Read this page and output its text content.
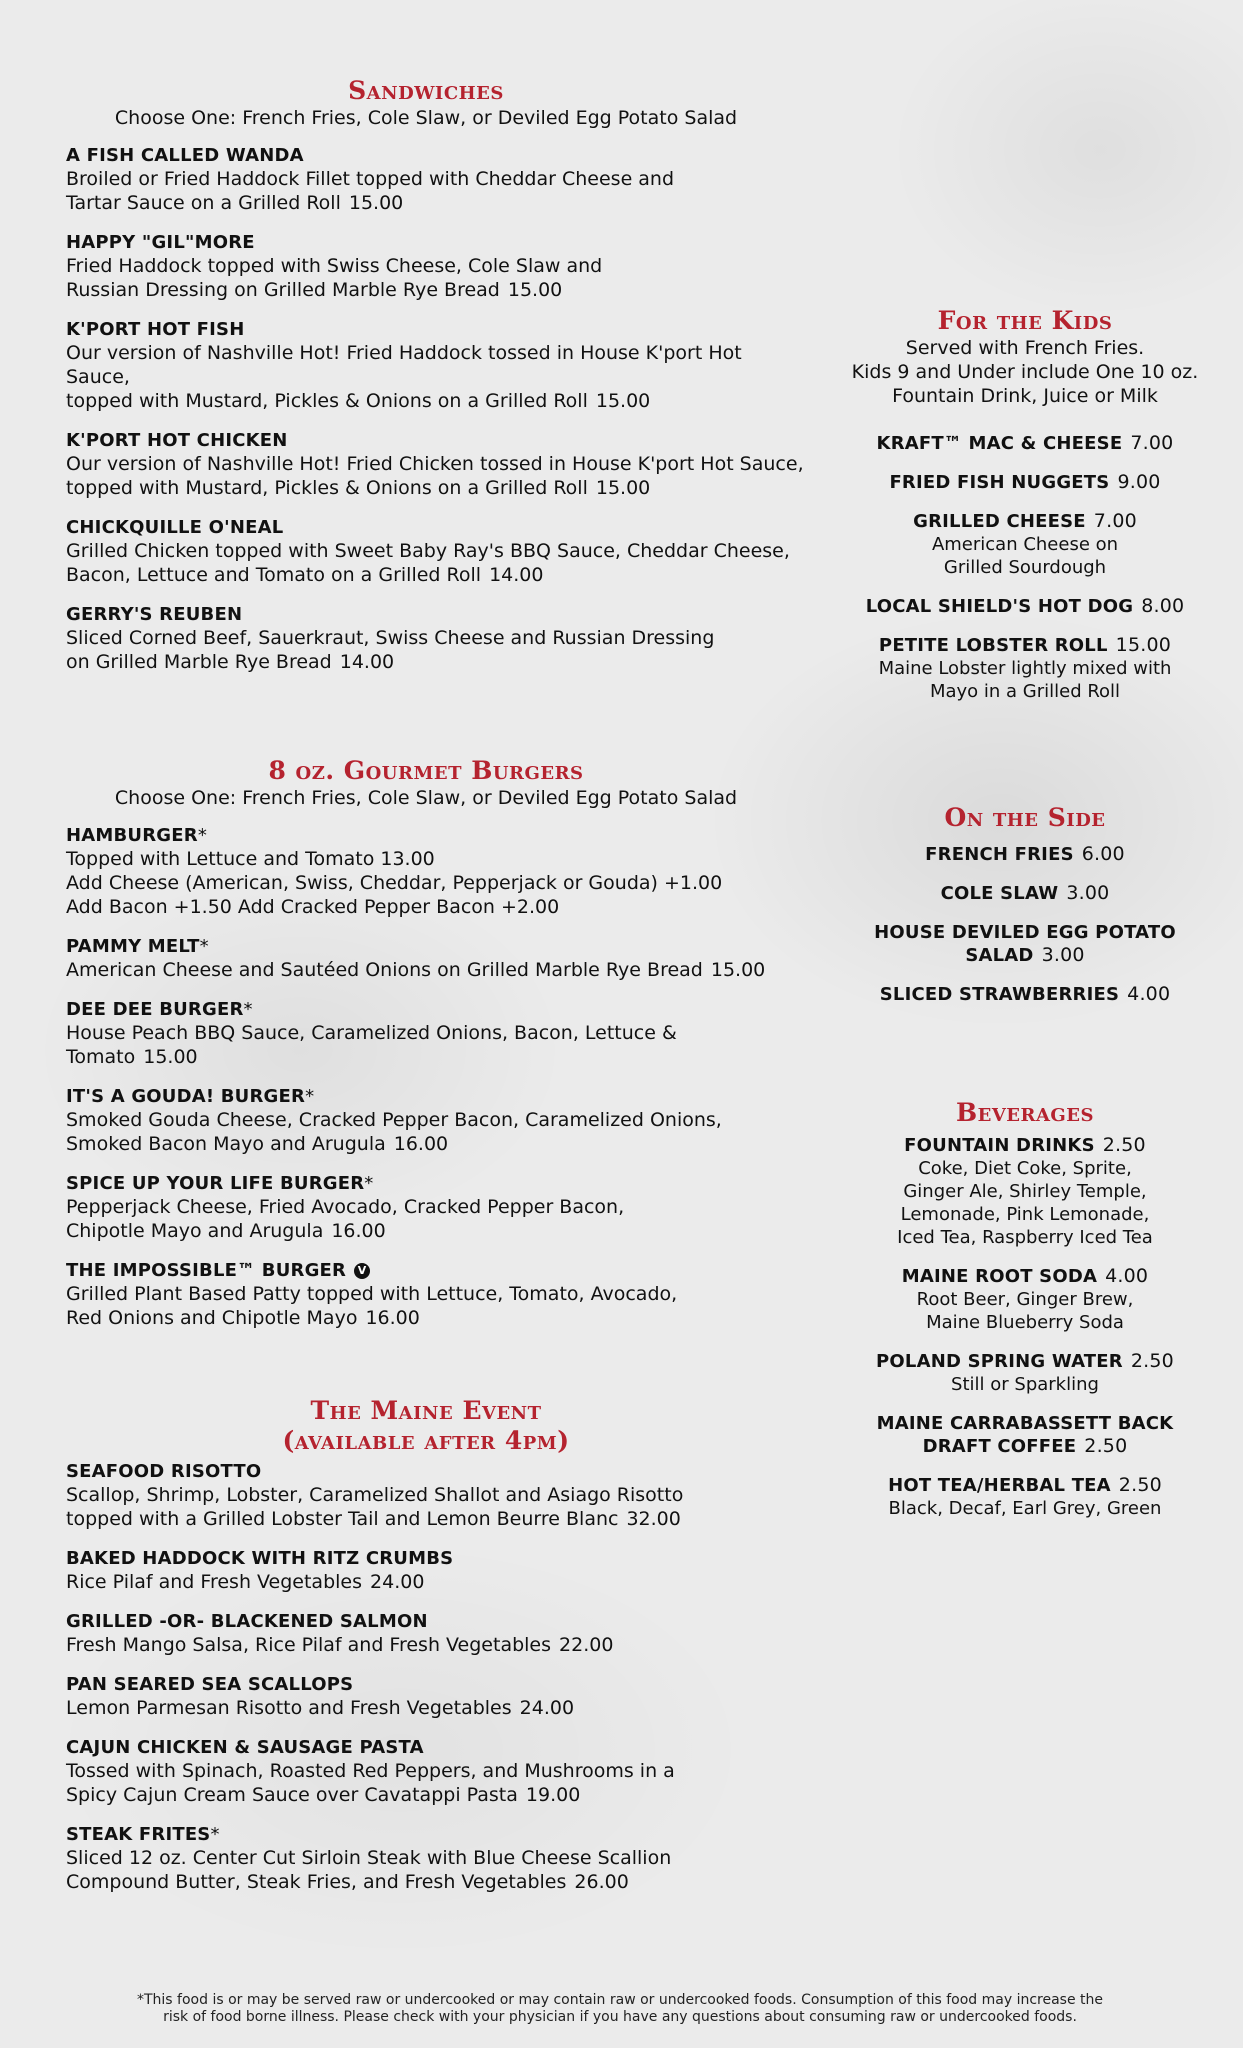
Sandwiches
Choose One: French Fries, Cole Slaw, or Deviled Egg Potato Salad
A FISH CALLED WANDA
Broiled or Fried Haddock Fillet topped with Cheddar Cheese and
Tartar Sauce on a Grilled Roll 15.00
HAPPY "GIL"MORE
Fried Haddock topped with Swiss Cheese, Cole Slaw and
Russian Dressing on Grilled Marble Rye Bread 15.00
K'PORT HOT FISH
Our version of Nashville Hot! Fried Haddock tossed in House K'port Hot Sauce,
topped with Mustard, Pickles & Onions on a Grilled Roll 15.00
K'PORT HOT CHICKEN
Our version of Nashville Hot! Fried Chicken tossed in House K'port Hot Sauce,
topped with Mustard, Pickles & Onions on a Grilled Roll 15.00
CHICKQUILLE O'NEAL
Grilled Chicken topped with Sweet Baby Ray's BBQ Sauce, Cheddar Cheese,
Bacon, Lettuce and Tomato on a Grilled Roll 14.00
GERRY'S REUBEN
Sliced Corned Beef, Sauerkraut, Swiss Cheese and Russian Dressing
on Grilled Marble Rye Bread 14.00
8 oz. Gourmet Burgers
Choose One: French Fries, Cole Slaw, or Deviled Egg Potato Salad
HAMBURGER*
Topped with Lettuce and Tomato 13.00
Add Cheese (American, Swiss, Cheddar, Pepperjack or Gouda) +1.00
Add Bacon +1.50 Add Cracked Pepper Bacon +2.00
PAMMY MELT*
American Cheese and Sautéed Onions on Grilled Marble Rye Bread 15.00
DEE DEE BURGER*
House Peach BBQ Sauce, Caramelized Onions, Bacon, Lettuce & Tomato 15.00
IT'S A GOUDA! BURGER*
Smoked Gouda Cheese, Cracked Pepper Bacon, Caramelized Onions,
Smoked Bacon Mayo and Arugula 16.00
SPICE UP YOUR LIFE BURGER*
Pepperjack Cheese, Fried Avocado, Cracked Pepper Bacon,
Chipotle Mayo and Arugula 16.00
THE IMPOSSIBLE™ BURGER V
Grilled Plant Based Patty topped with Lettuce, Tomato, Avocado,
Red Onions and Chipotle Mayo 16.00
The Maine Event
(available after 4pm)
SEAFOOD RISOTTO
Scallop, Shrimp, Lobster, Caramelized Shallot and Asiago Risotto
topped with a Grilled Lobster Tail and Lemon Beurre Blanc 32.00
BAKED HADDOCK WITH RITZ CRUMBS
Rice Pilaf and Fresh Vegetables 24.00
GRILLED -OR- BLACKENED SALMON
Fresh Mango Salsa, Rice Pilaf and Fresh Vegetables 22.00
PAN SEARED SEA SCALLOPS
Lemon Parmesan Risotto and Fresh Vegetables 24.00
CAJUN CHICKEN & SAUSAGE PASTA
Tossed with Spinach, Roasted Red Peppers, and Mushrooms in a
Spicy Cajun Cream Sauce over Cavatappi Pasta 19.00
STEAK FRITES*
Sliced 12 oz. Center Cut Sirloin Steak with Blue Cheese Scallion
Compound Butter, Steak Fries, and Fresh Vegetables 26.00
For the Kids
Served with French Fries.
Kids 9 and Under include One 10 oz.
Fountain Drink, Juice or Milk
KRAFT™ MAC & CHEESE 7.00
FRIED FISH NUGGETS 9.00
GRILLED CHEESE 7.00
American Cheese on
Grilled Sourdough
LOCAL SHIELD'S HOT DOG 8.00
PETITE LOBSTER ROLL 15.00
Maine Lobster lightly mixed with
Mayo in a Grilled Roll
On the Side
FRENCH FRIES 6.00
COLE SLAW 3.00
HOUSE DEVILED EGG POTATO
SALAD 3.00
SLICED STRAWBERRIES 4.00
Beverages
FOUNTAIN DRINKS 2.50
Coke, Diet Coke, Sprite,
Ginger Ale, Shirley Temple,
Lemonade, Pink Lemonade,
Iced Tea, Raspberry Iced Tea
MAINE ROOT SODA 4.00
Root Beer, Ginger Brew,
Maine Blueberry Soda
POLAND SPRING WATER 2.50
Still or Sparkling
MAINE CARRABASSETT BACK
DRAFT COFFEE 2.50
HOT TEA/HERBAL TEA 2.50
Black, Decaf, Earl Grey, Green
*This food is or may be served raw or undercooked or may contain raw or undercooked foods. Consumption of this food may increase the
risk of food borne illness. Please check with your physician if you have any questions about consuming raw or undercooked foods.
